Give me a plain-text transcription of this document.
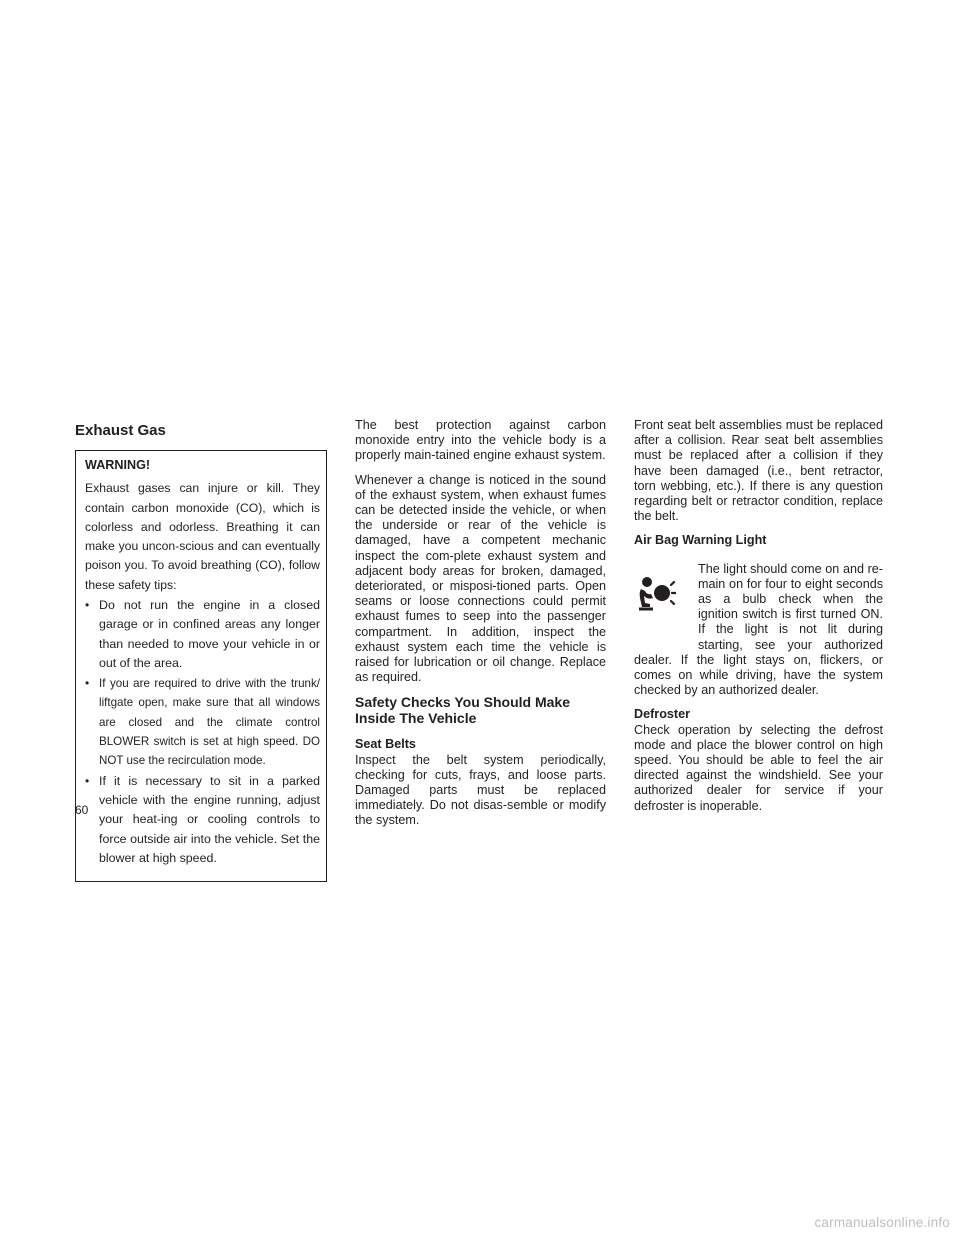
Exhaust Gas
WARNING!
Exhaust gases can injure or kill. They contain carbon monoxide (CO), which is colorless and odorless. Breathing it can make you uncon-scious and can eventually poison you. To avoid breathing (CO), follow these safety tips:
• Do not run the engine in a closed garage or in confined areas any longer than needed to move your vehicle in or out of the area.
• If you are required to drive with the trunk/ liftgate open, make sure that all windows are closed and the climate control BLOWER switch is set at high speed. DO NOT use the recirculation mode.
• If it is necessary to sit in a parked vehicle with the engine running, adjust your heat-ing or cooling controls to force outside air into the vehicle. Set the blower at high speed.

The best protection against carbon monoxide entry into the vehicle body is a properly main-tained engine exhaust system.

Whenever a change is noticed in the sound of the exhaust system, when exhaust fumes can be detected inside the vehicle, or when the underside or rear of the vehicle is damaged, have a competent mechanic inspect the com-plete exhaust system and adjacent body areas for broken, damaged, deteriorated, or misposi-tioned parts. Open seams or loose connections could permit exhaust fumes to seep into the passenger compartment. In addition, inspect the exhaust system each time the vehicle is raised for lubrication or oil change. Replace as required.

Safety Checks You Should Make Inside The Vehicle
Seat Belts

Inspect the belt system periodically, checking for cuts, frays, and loose parts. Damaged parts must be replaced immediately. Do not disas-semble or modify the system.

Front seat belt assemblies must be replaced after a collision. Rear seat belt assemblies must be replaced after a collision if they have been damaged (i.e., bent retractor, torn webbing, etc.). If there is any question regarding belt or retractor condition, replace the belt.

Air Bag Warning Light

The light should come on and re-main on for four to eight seconds as a bulb check when the ignition switch is first turned ON. If the light is not lit during starting, see your authorized dealer. If the light stays on, flickers, or comes on while driving, have the system checked by an authorized dealer.

Defroster

Check operation by selecting the defrost mode and place the blower control on high speed. You should be able to feel the air directed against the windshield. See your authorized dealer for service if your defroster is inoperable.

60
carmanualsonline.info
